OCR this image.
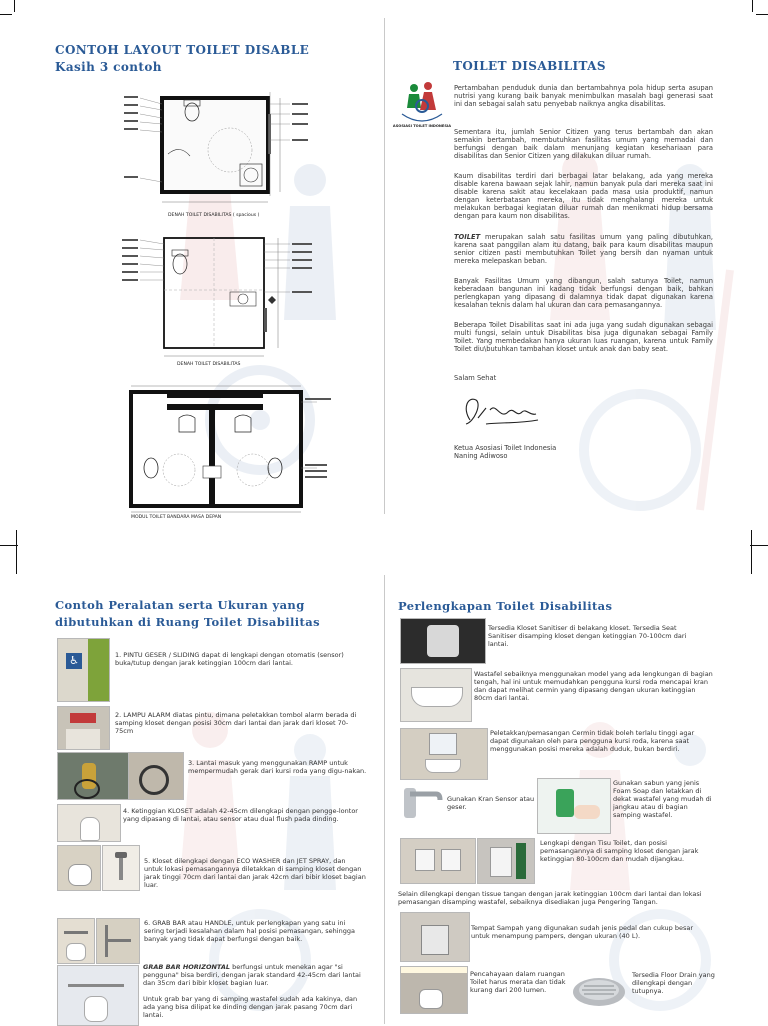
CONTOH LAYOUT TOILET DISABLE
Kasih 3 contoh
DENAH TOILET DISABILITAS ( spacious )
DENAH TOILET DISABILITAS
MODUL TOILET BANDARA MASA DEPAN
TOILET DISABILITAS
ASOSIASI TOILET INDONESIA
Pertambahan penduduk dunia dan bertambahnya pola hidup serta asupan nutrisi yang kurang baik banyak menimbulkan masalah bagi generasi saat ini dan sebagai salah satu penyebab naiknya angka disabilitas.
Sementara itu, jumlah Senior Citizen yang terus bertambah dan akan semakin bertambah, membutuhkan fasilitas umum yang memadai dan berfungsi dengan baik dalam menunjang kegiatan kesehariaan para disabilitas dan Senior Citizen yang dilakukan diluar rumah.
Kaum disabilitas terdiri dari berbagai latar belakang, ada yang mereka disable karena bawaan sejak lahir, namun banyak pula dari mereka saat ini disable karena sakit atau kecelakaan pada masa usia produktif, namun dengan keterbatasan mereka, itu tidak menghalangi mereka untuk melakukan berbagai kegiatan diluar rumah dan menikmati hidup bersama dengan para kaum non disabilitas.
TOILET merupakan salah satu fasilitas umum yang paling dibutuhkan, karena saat panggilan alam itu datang, baik para kaum disabilitas maupun senior citizen pasti membutuhkan Toilet yang bersih dan nyaman untuk mereka melepaskan beban.
Banyak Fasilitas Umum yang dibangun, salah satunya Toilet, namun keberadaan bangunan ini kadang tidak berfungsi dengan baik, bahkan perlengkapan yang dipasang di dalamnya tidak dapat digunakan karena kesalahan teknis dalam hal ukuran dan cara pemasangannya.
Beberapa Toilet Disabilitas saat ini ada juga yang sudah digunakan sebagai multi fungsi, selain untuk Disabilitas bisa juga digunakan sebagai Family Toilet. Yang membedakan hanya ukuran luas ruangan, karena untuk Family Toilet diu\butuhkan tambahan kloset untuk anak dan baby seat.
Salam Sehat
Ketua Asosiasi Toilet Indonesia
Naning Adiwoso
Contoh Peralatan serta Ukuran yang
dibutuhkan di Ruang Toilet Disabilitas
♿	1. PINTU GESER / SLIDING dapat di lengkapi dengan otomatis (sensor) buka/tutup dengan jarak ketinggian 100cm dari lantai.
2. LAMPU ALARM diatas pintu, dimana peletakkan tombol alarm berada di samping kloset dengan posisi 30cm dari lantai dan jarak dari kloset 70-75cm
3. Lantai masuk yang menggunakan RAMP untuk mempermudah gerak dari kursi roda yang digu-nakan.
4. Ketinggian KLOSET adalah 42-45cm dilengkapi dengan pengge-lontor yang dipasang di lantai, atau sensor atau dual flush pada dinding.
5. Kloset dilengkapi dengan ECO WASHER dan JET SPRAY, dan untuk lokasi pemasangannya diletakkan di samping kloset dengan jarak tinggi 70cm dari lantai dan jarak 42cm dari bibir kloset bagian luar.
6. GRAB BAR atau HANDLE, untuk perlengkapan yang satu ini sering terjadi kesalahan dalam hal posisi pemasangan, sehingga banyak yang tidak dapat berfungsi dengan baik.
GRAB BAR HORIZONTAL berfungsi untuk menekan agar "si pengguna" bisa berdiri, dengan jarak standard 42-45cm dari lantai dan 35cm dari bibir kloset bagian luar.
Untuk grab bar yang di samping wastafel sudah ada kakinya, dan ada yang bisa dilipat ke dinding dengan jarak pasang 70cm dari lantai.
Perlengkapan Toilet Disabilitas
Tersedia Kloset Sanitiser di belakang kloset. Tersedia Seat Sanitiser disamping kloset dengan ketinggian 70-100cm dari lantai.
Wastafel sebaiknya menggunakan model yang ada lengkungan di bagian tengah, hal ini untuk memudahkan pengguna kursi roda mencapai kran dan dapat melihat cermin yang dipasang dengan ukuran ketinggian 80cm dari lantai.
Peletakkan/pemasangan Cermin tidak boleh terlalu tinggi agar dapat digunakan oleh para pengguna kursi roda, karena saat menggunakan posisi mereka adalah duduk, bukan berdiri.
Gunakan Kran Sensor atau geser.
Gunakan sabun yang jenis Foam Soap dan letakkan di dekat wastafel yang mudah di jangkau atau di bagian samping wastafel.
Lengkapi dengan Tisu Toilet, dan posisi pemasangannya di samping kloset dengan jarak ketinggian 80-100cm dan mudah dijangkau.
Selain dilengkapi dengan tissue tangan dengan jarak ketinggian 100cm dari lantai dan lokasi pemasangan disamping wastafel, sebaiknya disediakan juga Pengering Tangan.
Tempat Sampah yang digunakan sudah jenis pedal dan cukup besar untuk menampung pampers, dengan ukuran (40 L).
Pencahayaan dalam ruangan Toilet harus merata dan tidak kurang dari 200 lumen.
Tersedia Floor Drain yang dilengkapi dengan tutupnya.
